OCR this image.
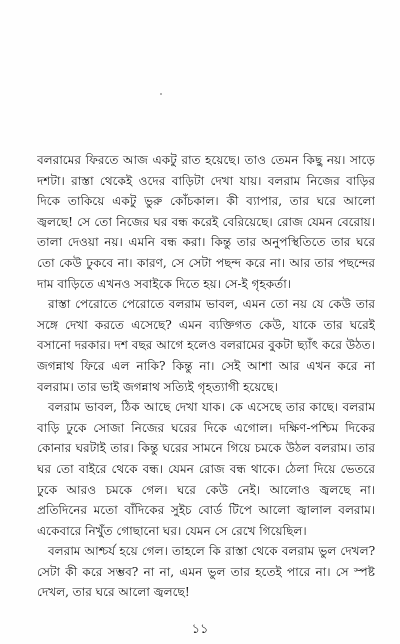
বলরামের ফিরতে আজ একটু রাত হয়েছে। তাও তেমন কিছু নয়। সাড়ে দশটা। রাস্তা থেকেই ওদের বাড়িটা দেখা যায়। বলরাম নিজের বাড়ির দিকে তাকিয়ে একটু ভুরু কোঁচকাল। কী ব্যাপার, তার ঘরে আলো জ্বলছে! সে তো নিজের ঘর বন্ধ করেই বেরিয়েছে। রোজ যেমন বেরোয়। তালা দেওয়া নয়। এমনি বন্ধ করা। কিন্তু তার অনুপস্থিতিতে তার ঘরে তো কেউ ঢুকবে না। কারণ, সে সেটা পছন্দ করে না। আর তার পছন্দের দাম বাড়িতে এখনও সবাইকে দিতে হয়। সে-ই গৃহকর্তা।

রাস্তা পেরোতে পেরোতে বলরাম ভাবল, এমন তো নয় যে কেউ তার সঙ্গে দেখা করতে এসেছে? এমন ব্যক্তিগত কেউ, যাকে তার ঘরেই বসানো দরকার। দশ বছর আগে হলেও বলরামের বুকটা ছ্যাঁৎ করে উঠত। জগন্নাথ ফিরে এল নাকি? কিন্তু না। সেই আশা আর এখন করে না বলরাম। তার ভাই জগন্নাথ সত্যিই গৃহত্যাগী হয়েছে।

বলরাম ভাবল, ঠিক আছে দেখা যাক। কে এসেছে তার কাছে। বলরাম বাড়ি ঢুকে সোজা নিজের ঘরের দিকে এগোল। দক্ষিণ-পশ্চিম দিকের কোনার ঘরটাই তার। কিন্তু ঘরের সামনে গিয়ে চমকে উঠল বলরাম। তার ঘর তো বাইরে থেকে বন্ধ। যেমন রোজ বন্ধ থাকে। ঠেলা দিয়ে ভেতরে ঢুকে আরও চমকে গেল। ঘরে কেউ নেই। আলোও জ্বলছে না। প্রতিদিনের মতো বাঁদিকের সুইচ বোর্ড টিপে আলো জ্বালাল বলরাম। একেবারে নিখুঁত গোছানো ঘর। যেমন সে রেখে গিয়েছিল।

বলরাম আশ্চর্য হয়ে গেল। তাহলে কি রাস্তা থেকে বলরাম ভুল দেখল? সেটা কী করে সম্ভব? না না, এমন ভুল তার হতেই পারে না। সে স্পষ্ট দেখল, তার ঘরে আলো জ্বলছে!

১১
